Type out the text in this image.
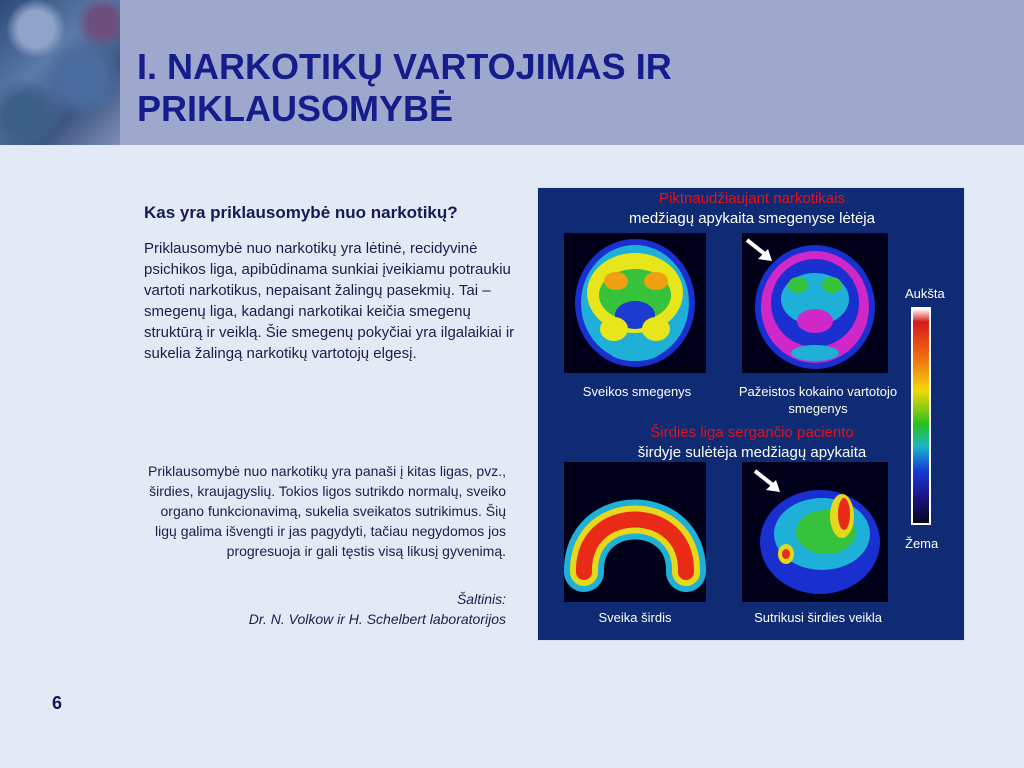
I. NARKOTIKŲ VARTOJIMAS IR
PRIKLAUSOMYBĖ
Kas yra priklausomybė nuo narkotikų?
Priklausomybė nuo narkotikų yra lėtinė, recidyvinė psichikos liga, apibūdinama sunkiai įveikiamu potraukiu vartoti narkotikus, nepaisant žalingų pasekmių. Tai – smegenų liga, kadangi narkotikai keičia smegenų struktūrą ir veiklą. Šie smegenų pokyčiai yra ilgalaikiai ir sukelia žalingą narkotikų vartotojų elgesį.
Priklausomybė nuo narkotikų yra panaši į kitas ligas, pvz., širdies, kraujagyslių. Tokios ligos sutrikdo normalų, sveiko organo funkcionavimą, sukelia sveikatos sutrikimus. Šių ligų galima išvengti ir jas pagydyti, tačiau negydomos jos progresuoja ir gali tęstis visą likusį gyvenimą.
Šaltinis:
Dr. N. Volkow ir H. Schelbert laboratorijos
6
Piktnaudžiaujant narkotikais
medžiagų apykaita smegenyse lėtėja
Sveikos smegenys	Pažeistos kokaino vartotojo smegenys
Širdies liga sergančio paciento
širdyje sulėtėja medžiagų apykaita
Sveika širdis	Sutrikusi širdies veikla
Aukšta
Žema
